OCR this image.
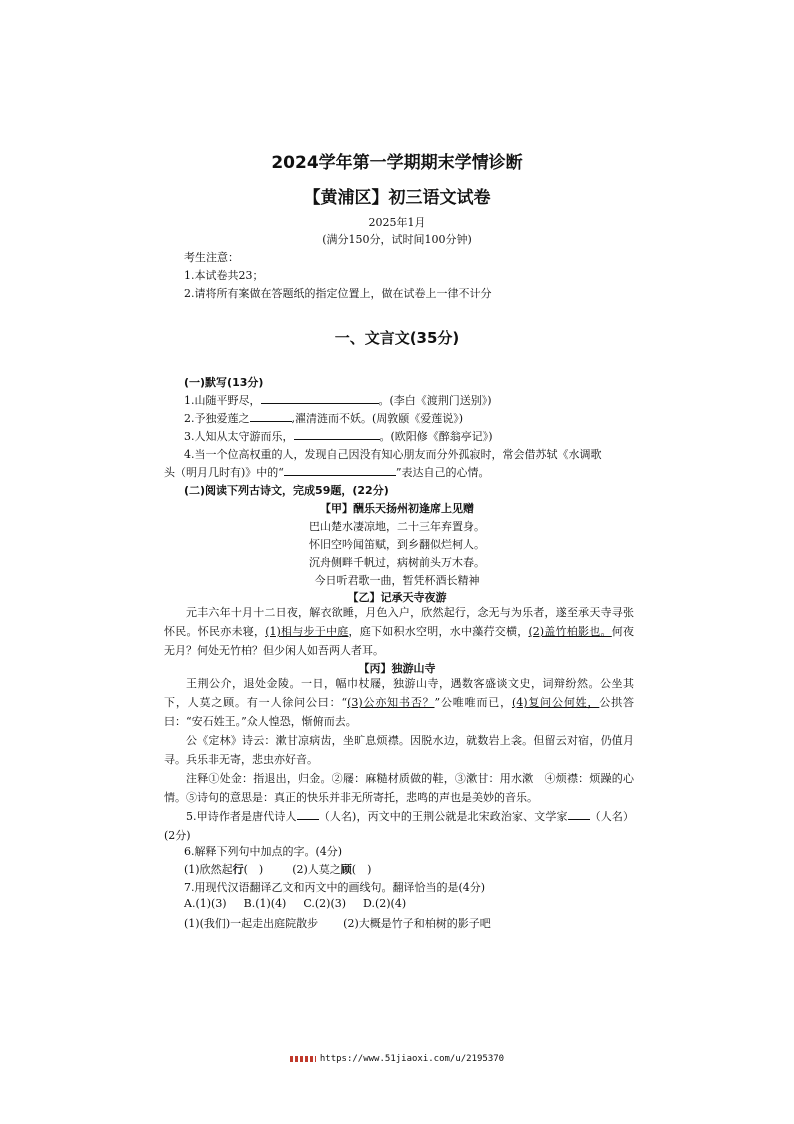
2024学年第一学期期末学情诊断
【黄浦区】初三语文试卷
2025年1月
(满分150分，试时间100分钟)
考生注意：
1.本试卷共23；
2.请将所有案做在答题纸的指定位置上，做在试卷上一律不计分
一、文言文(35分)
(一)默写(13分)
1.山随平野尽，	。(李白《渡荆门送别》)
2.予独爱莲之	,濯清涟而不妖。(周敦颐《爱莲说》)
3.人知从太守游而乐，	。(欧阳修《醉翁亭记》)
4.当一个位高权重的人，发现自己因没有知心朋友而分外孤寂时，常会借苏轼《水调歌
头（明月几时有)》中的“	”表达自己的心情。
(二)阅读下列古诗文，完成59题，(22分)
【甲】酬乐天扬州初逢席上见赠
巴山楚水凄凉地，二十三年弃置身。
怀旧空吟闻笛赋，到乡翻似烂柯人。
沉舟侧畔千帆过，病树前头万木春。
今日听君歌一曲，暂凭杯酒长精神
【乙】记承天寺夜游
元丰六年十月十二日夜，解衣欲睡，月色入户，欣然起行，念无与为乐者，遂至承天寺寻张怀民。怀民亦未寝，(1)相与步于中庭，庭下如积水空明，水中藻荇交横，(2)盖竹柏影也。何夜无月？何处无竹柏？但少闲人如吾两人者耳。
【丙】独游山寺
王荆公介，退处金陵。一日，幅巾杖屦，独游山寺，遇数客盛谈文史，词辩纷然。公坐其下，人莫之顾。有一人徐问公曰：“(3)公亦知书否？”公唯唯而已，(4)复问公何姓，公拱答曰：“安石姓王。”众人惶恐，惭俯而去。
公《定林》诗云：漱甘凉病齿，坐旷息烦襟。因脱水边，就数岩上衾。但留云对宿，仍值月寻。兵乐非无寄，悲虫亦好音。
注释①处金：指退出，归金。②屦：麻糙材质做的鞋，③漱甘：用水漱　④烦襟：烦躁的心情。⑤诗句的意思是：真正的快乐并非无所寄托，悲鸣的声也是美妙的音乐。
5.甲诗作者是唐代诗人 （人名)，丙文中的王荆公就是北宋政治家、文学家 （人名）(2分)
6.解释下列句中加点的字。(4分)
(1)欣然起行(　)	(2)人莫之顾(　)
7.用现代汉语翻译乙文和丙文中的画线句。翻译恰当的是(4分)
A.(1)(3) B.(1)(4) C.(2)(3) D.(2)(4)
(1)(我们)一起走出庭院散步 (2)大概是竹子和柏树的影子吧
https://www.51jiaoxi.com/u/2195370
